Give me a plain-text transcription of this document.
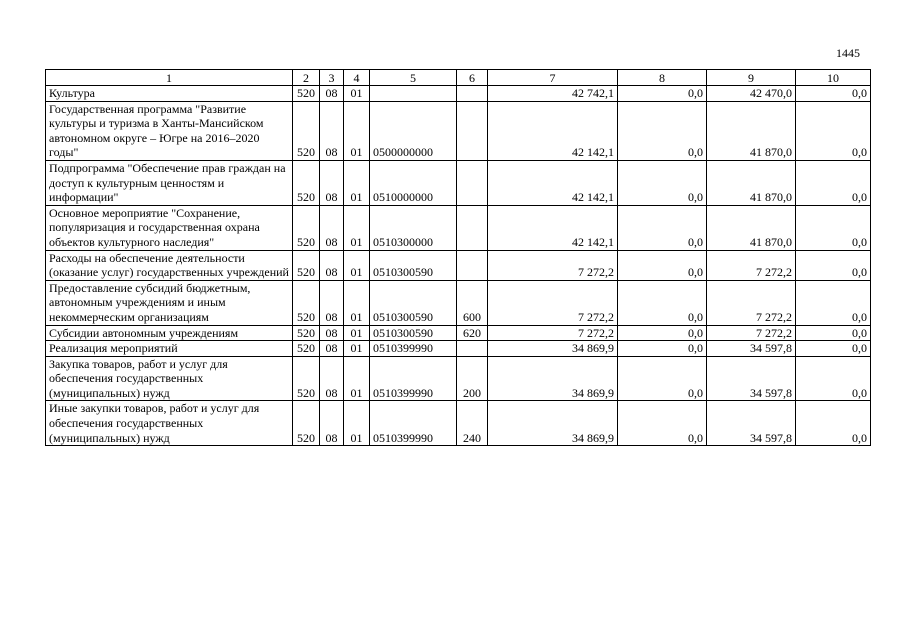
1445
1	2	3	4	5	6	7	8	9	10
Культура	520	08	01			42 742,1	0,0	42 470,0	0,0
Государственная программа "Развитие культуры и туризма в Ханты-Мансийском автономном округе – Югре на 2016–2020 годы"	520	08	01	0500000000		42 142,1	0,0	41 870,0	0,0
Подпрограмма "Обеспечение прав граждан на доступ к культурным ценностям и информации"	520	08	01	0510000000		42 142,1	0,0	41 870,0	0,0
Основное мероприятие "Сохранение, популяризация и государственная охрана объектов культурного наследия"	520	08	01	0510300000		42 142,1	0,0	41 870,0	0,0
Расходы на обеспечение деятельности (оказание услуг) государственных учреждений	520	08	01	0510300590		7 272,2	0,0	7 272,2	0,0
Предоставление субсидий бюджетным, автономным учреждениям и иным некоммерческим организациям	520	08	01	0510300590	600	7 272,2	0,0	7 272,2	0,0
Субсидии автономным учреждениям	520	08	01	0510300590	620	7 272,2	0,0	7 272,2	0,0
Реализация мероприятий	520	08	01	0510399990		34 869,9	0,0	34 597,8	0,0
Закупка товаров, работ и услуг для обеспечения государственных (муниципальных) нужд	520	08	01	0510399990	200	34 869,9	0,0	34 597,8	0,0
Иные закупки товаров, работ и услуг для обеспечения государственных (муниципальных) нужд	520	08	01	0510399990	240	34 869,9	0,0	34 597,8	0,0
